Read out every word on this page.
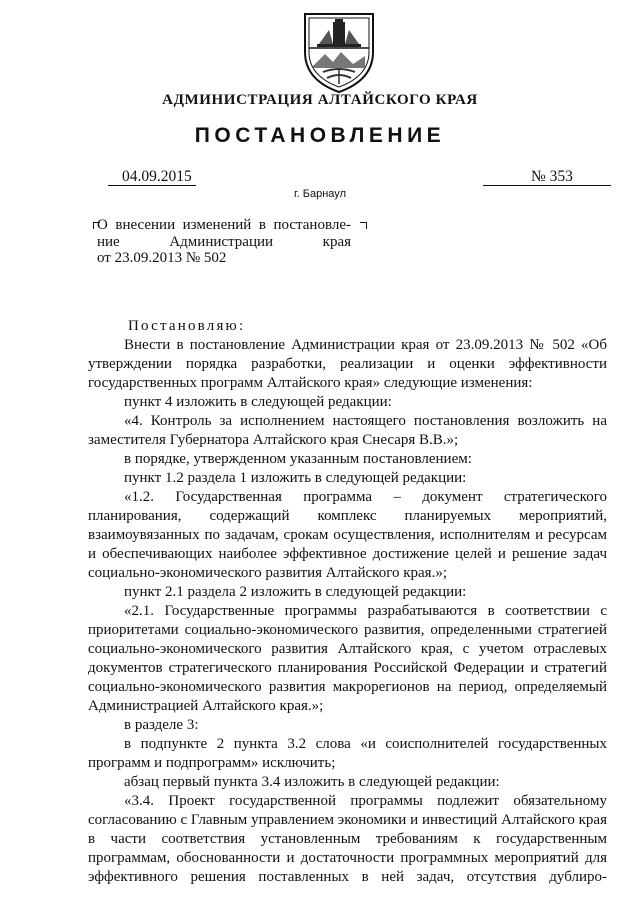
АДМИНИСТРАЦИЯ АЛТАЙСКОГО КРАЯ
ПОСТАНОВЛЕНИЕ
04.09.2015
г. Барнаул
№ 353
О внесении изменений в постановле-
ние Администрации края
от 23.09.2013 № 502

Постановляю:

Внести в постановление Администрации края от 23.09.2013 № 502 «Об утверждении порядка разработки, реализации и оценки эффективности государственных программ Алтайского края» следующие изменения:

пункт 4 изложить в следующей редакции:

«4. Контроль за исполнением настоящего постановления возложить на заместителя Губернатора Алтайского края Снесаря В.В.»;

в порядке, утвержденном указанным постановлением:

пункт 1.2 раздела 1 изложить в следующей редакции:

«1.2. Государственная программа – документ стратегического планирования, содержащий комплекс планируемых мероприятий, взаимоувязанных по задачам, срокам осуществления, исполнителям и ресурсам и обеспечивающих наиболее эффективное достижение целей и решение задач социально-экономического развития Алтайского края.»;

пункт 2.1 раздела 2 изложить в следующей редакции:

«2.1. Государственные программы разрабатываются в соответствии с приоритетами социально-экономического развития, определенными стратегией социально-экономического развития Алтайского края, с учетом отраслевых документов стратегического планирования Российской Федерации и стратегий социально-экономического развития макрорегионов на период, определяемый Администрацией Алтайского края.»;

в разделе 3:

в подпункте 2 пункта 3.2 слова «и соисполнителей государственных программ и подпрограмм» исключить;

абзац первый пункта 3.4 изложить в следующей редакции:

«3.4. Проект государственной программы подлежит обязательному согласованию с Главным управлением экономики и инвестиций Алтайского края в части соответствия установленным требованиям к государственным программам, обоснованности и достаточности программных мероприятий для эффективного решения поставленных в ней задач, отсутствия дублиро-
